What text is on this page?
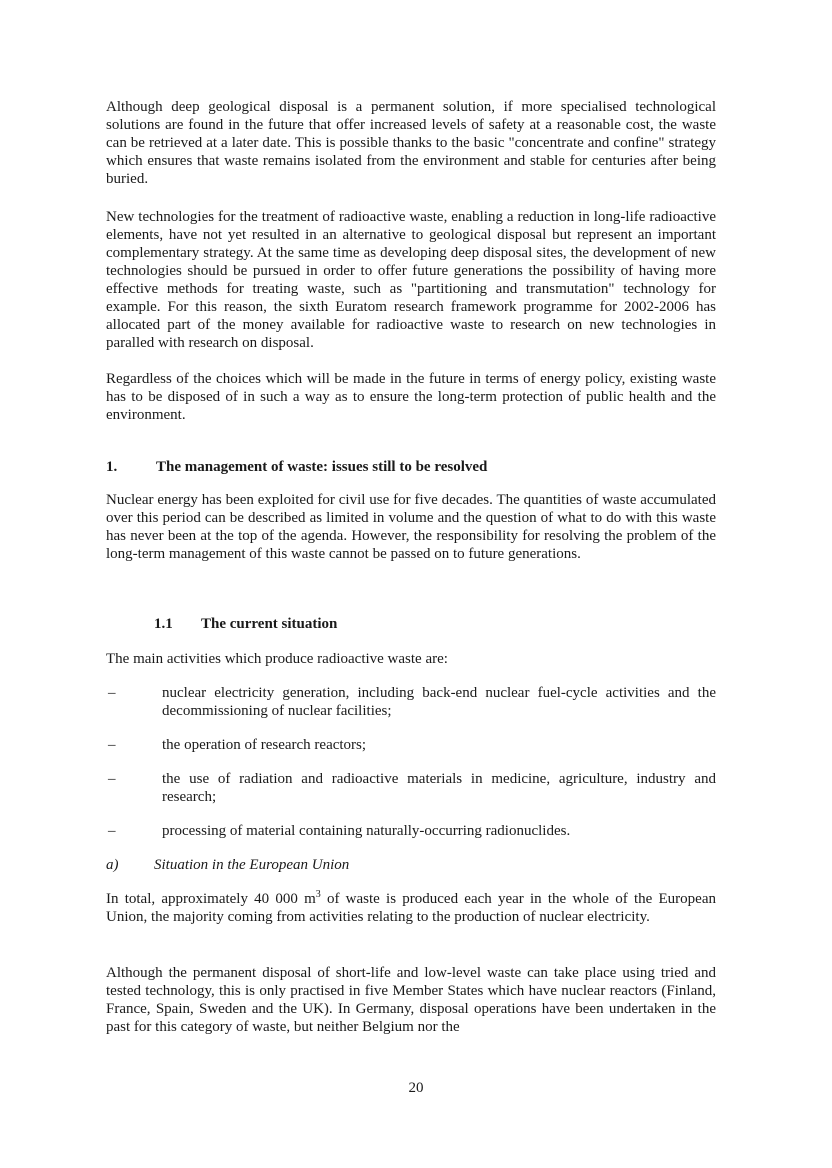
Although deep geological disposal is a permanent solution, if more specialised technological solutions are found in the future that offer increased levels of safety at a reasonable cost, the waste can be retrieved at a later date. This is possible thanks to the basic "concentrate and confine" strategy which ensures that waste remains isolated from the environment and stable for centuries after being buried.

New technologies for the treatment of radioactive waste, enabling a reduction in long-life radioactive elements, have not yet resulted in an alternative to geological disposal but represent an important complementary strategy. At the same time as developing deep disposal sites, the development of new technologies should be pursued in order to offer future generations the possibility of having more effective methods for treating waste, such as "partitioning and transmutation" technology for example. For this reason, the sixth Euratom research framework programme for 2002-2006 has allocated part of the money available for radioactive waste to research on new technologies in paralled with research on disposal.

Regardless of the choices which will be made in the future in terms of energy policy, existing waste has to be disposed of in such a way as to ensure the long-term protection of public health and the environment.

1.	The management of waste: issues still to be resolved

Nuclear energy has been exploited for civil use for five decades. The quantities of waste accumulated over this period can be described as limited in volume and the question of what to do with this waste has never been at the top of the agenda. However, the responsibility for resolving the problem of the long-term management of this waste cannot be passed on to future generations.

1.1 The current situation

The main activities which produce radioactive waste are:

–	nuclear electricity generation, including back-end nuclear fuel-cycle activities and the decommissioning of nuclear facilities;
–	the operation of research reactors;
–	the use of radiation and radioactive materials in medicine, agriculture, industry and research;
–	processing of material containing naturally-occurring radionuclides.
a) Situation in the European Union

In total, approximately 40 000 $m^3$ of waste is produced each year in the whole of the European Union, the majority coming from activities relating to the production of nuclear electricity.

Although the permanent disposal of short-life and low-level waste can take place using tried and tested technology, this is only practised in five Member States which have nuclear reactors (Finland, France, Spain, Sweden and the UK). In Germany, disposal operations have been undertaken in the past for this category of waste, but neither Belgium nor the

20
